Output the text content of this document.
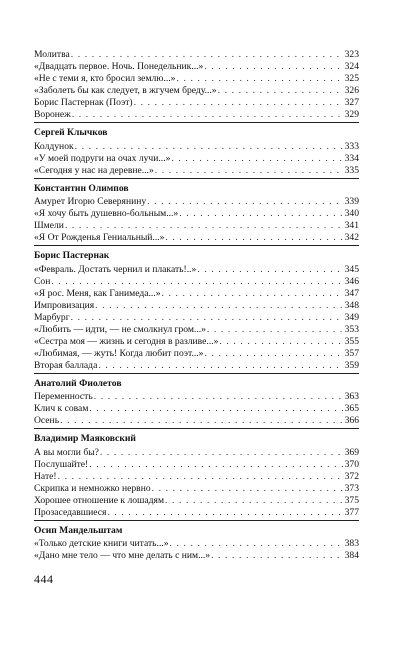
Молитва . . .	323
«Двадцать первое. Ночь. Понедельник...» . . .	324
«Не с теми я, кто бросил землю...» . . .	325
«Заболеть бы как следует, в жгучем бреду...» . . .	326
Борис Пастернак (Поэт) . . .	327
Воронеж . . .	329
Сергей Клычков
Колдунок . . .	333
«У моей подруги на очах лучи...» . . .	334
«Сегодня у нас на деревне...» . . .	335
Константин Олимпов
Амурет Игорю Северянину . . .	339
«Я хочу быть душевно-больным...» . . .	340
Шмели . . .	341
«Я От Рожденья Гениальный...» . . .	342
Борис Пастернак
«Февраль. Достать чернил и плакать!..» . . .	345
Сон . . .	346
«Я рос. Меня, как Ганимеда...» . . .	347
Импровизация . . .	348
Марбург . . .	349
«Любить — идти, — не смолкнул гром...» . . .	353
«Сестра моя — жизнь и сегодня в разливе...» . . .	355
«Любимая, — жуть! Когда любит поэт...» . . .	357
Вторая баллада . . .	359
Анатолий Фиолетов
Переменность . . .	363
Клич к совам . . .	365
Осень . . .	366
Владимир Маяковский
А вы могли бы? . . .	369
Послушайте! . . .	370
Нате! . . .	372
Скрипка и немножко нервно . . .	373
Хорошее отношение к лошадям . . .	375
Прозаседавшиеся . . .	377
Осип Мандельштам
«Только детские книги читать...» . . .	383
«Дано мне тело — что мне делать с ним...» . . .	384
444
